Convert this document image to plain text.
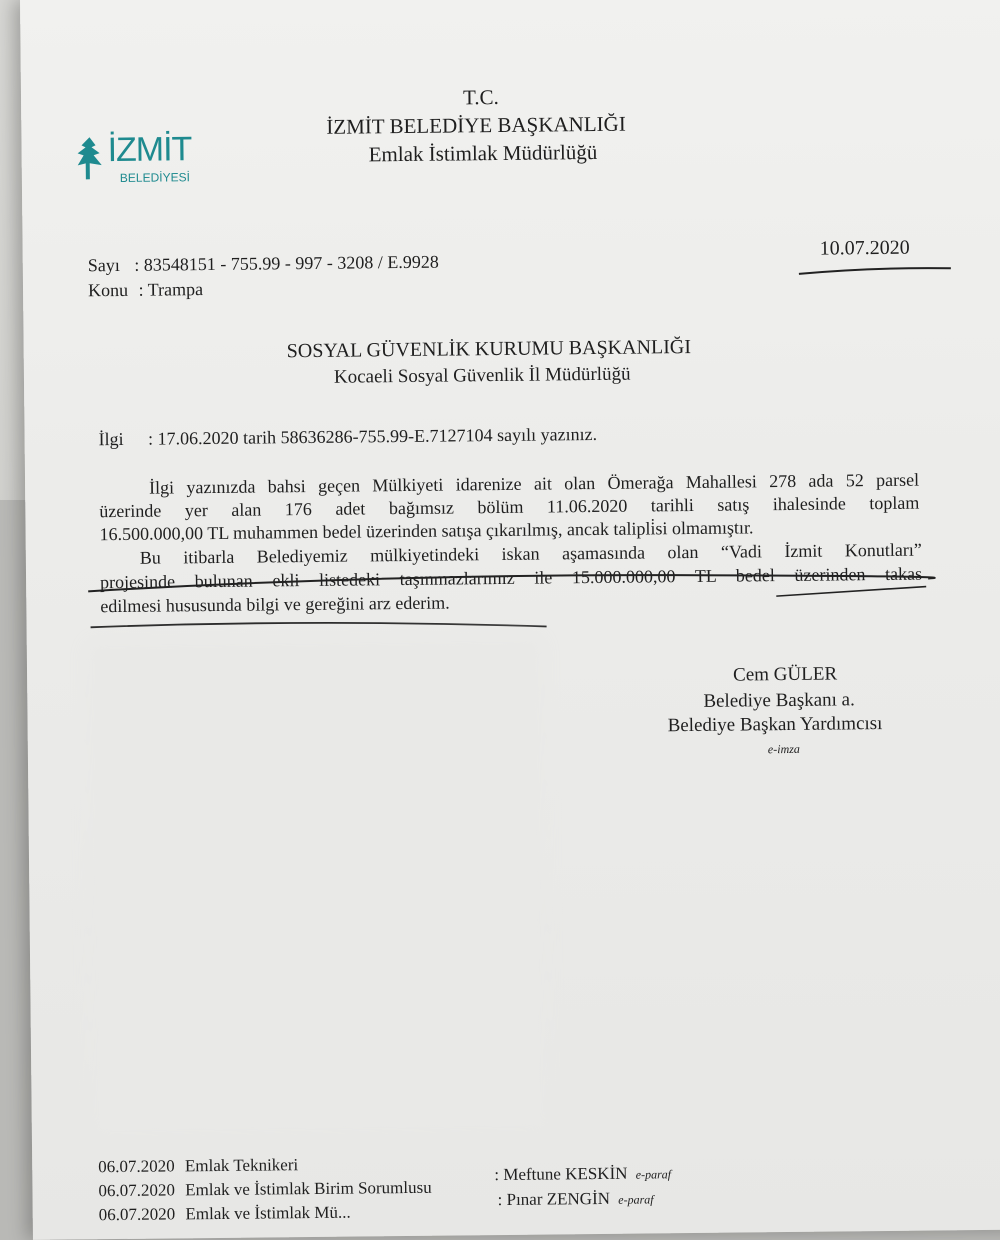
İZMİT
BELEDİYESİ
T.C.
İZMİT BELEDİYE BAŞKANLIĞI
Emlak İstimlak Müdürlüğü
Sayı : 83548151 - 755.99 - 997 - 3208 / E.9928
Konu : Trampa
10.07.2020
SOSYAL GÜVENLİK KURUMU BAŞKANLIĞI
Kocaeli Sosyal Güvenlik İl Müdürlüğü
İlgi : 17.06.2020 tarih 58636286-755.99-E.7127104 sayılı yazınız.
İlgi yazınızda bahsi geçen Mülkiyeti idarenize ait olan Ömerağa Mahallesi 278 ada 52 parsel
üzerinde yer alan 176 adet bağımsız bölüm 11.06.2020 tarihli satış ihalesinde toplam
16.500.000,00 TL muhammen bedel üzerinden satışa çıkarılmış, ancak talipli̇si olmamıştır.
Bu itibarla Belediyemiz mülkiyetindeki iskan aşamasında olan “Vadi İzmit Konutları”
projesinde bulunan ekli listedeki taşınmazlarımız ile 15.000.000,00 TL bedel üzerinden takas
edilmesi hususunda bilgi ve gereğini arz ederim.
Cem GÜLER
Belediye Başkanı a.
Belediye Başkan Yardımcısı
e-imza
06.07.2020 Emlak Teknikeri	: Meftune KESKİN e-paraf
06.07.2020 Emlak ve İstimlak Birim Sorumlusu	: Pınar ZENGİN e-paraf
06.07.2020 Emlak ve İstimlak Mü...
